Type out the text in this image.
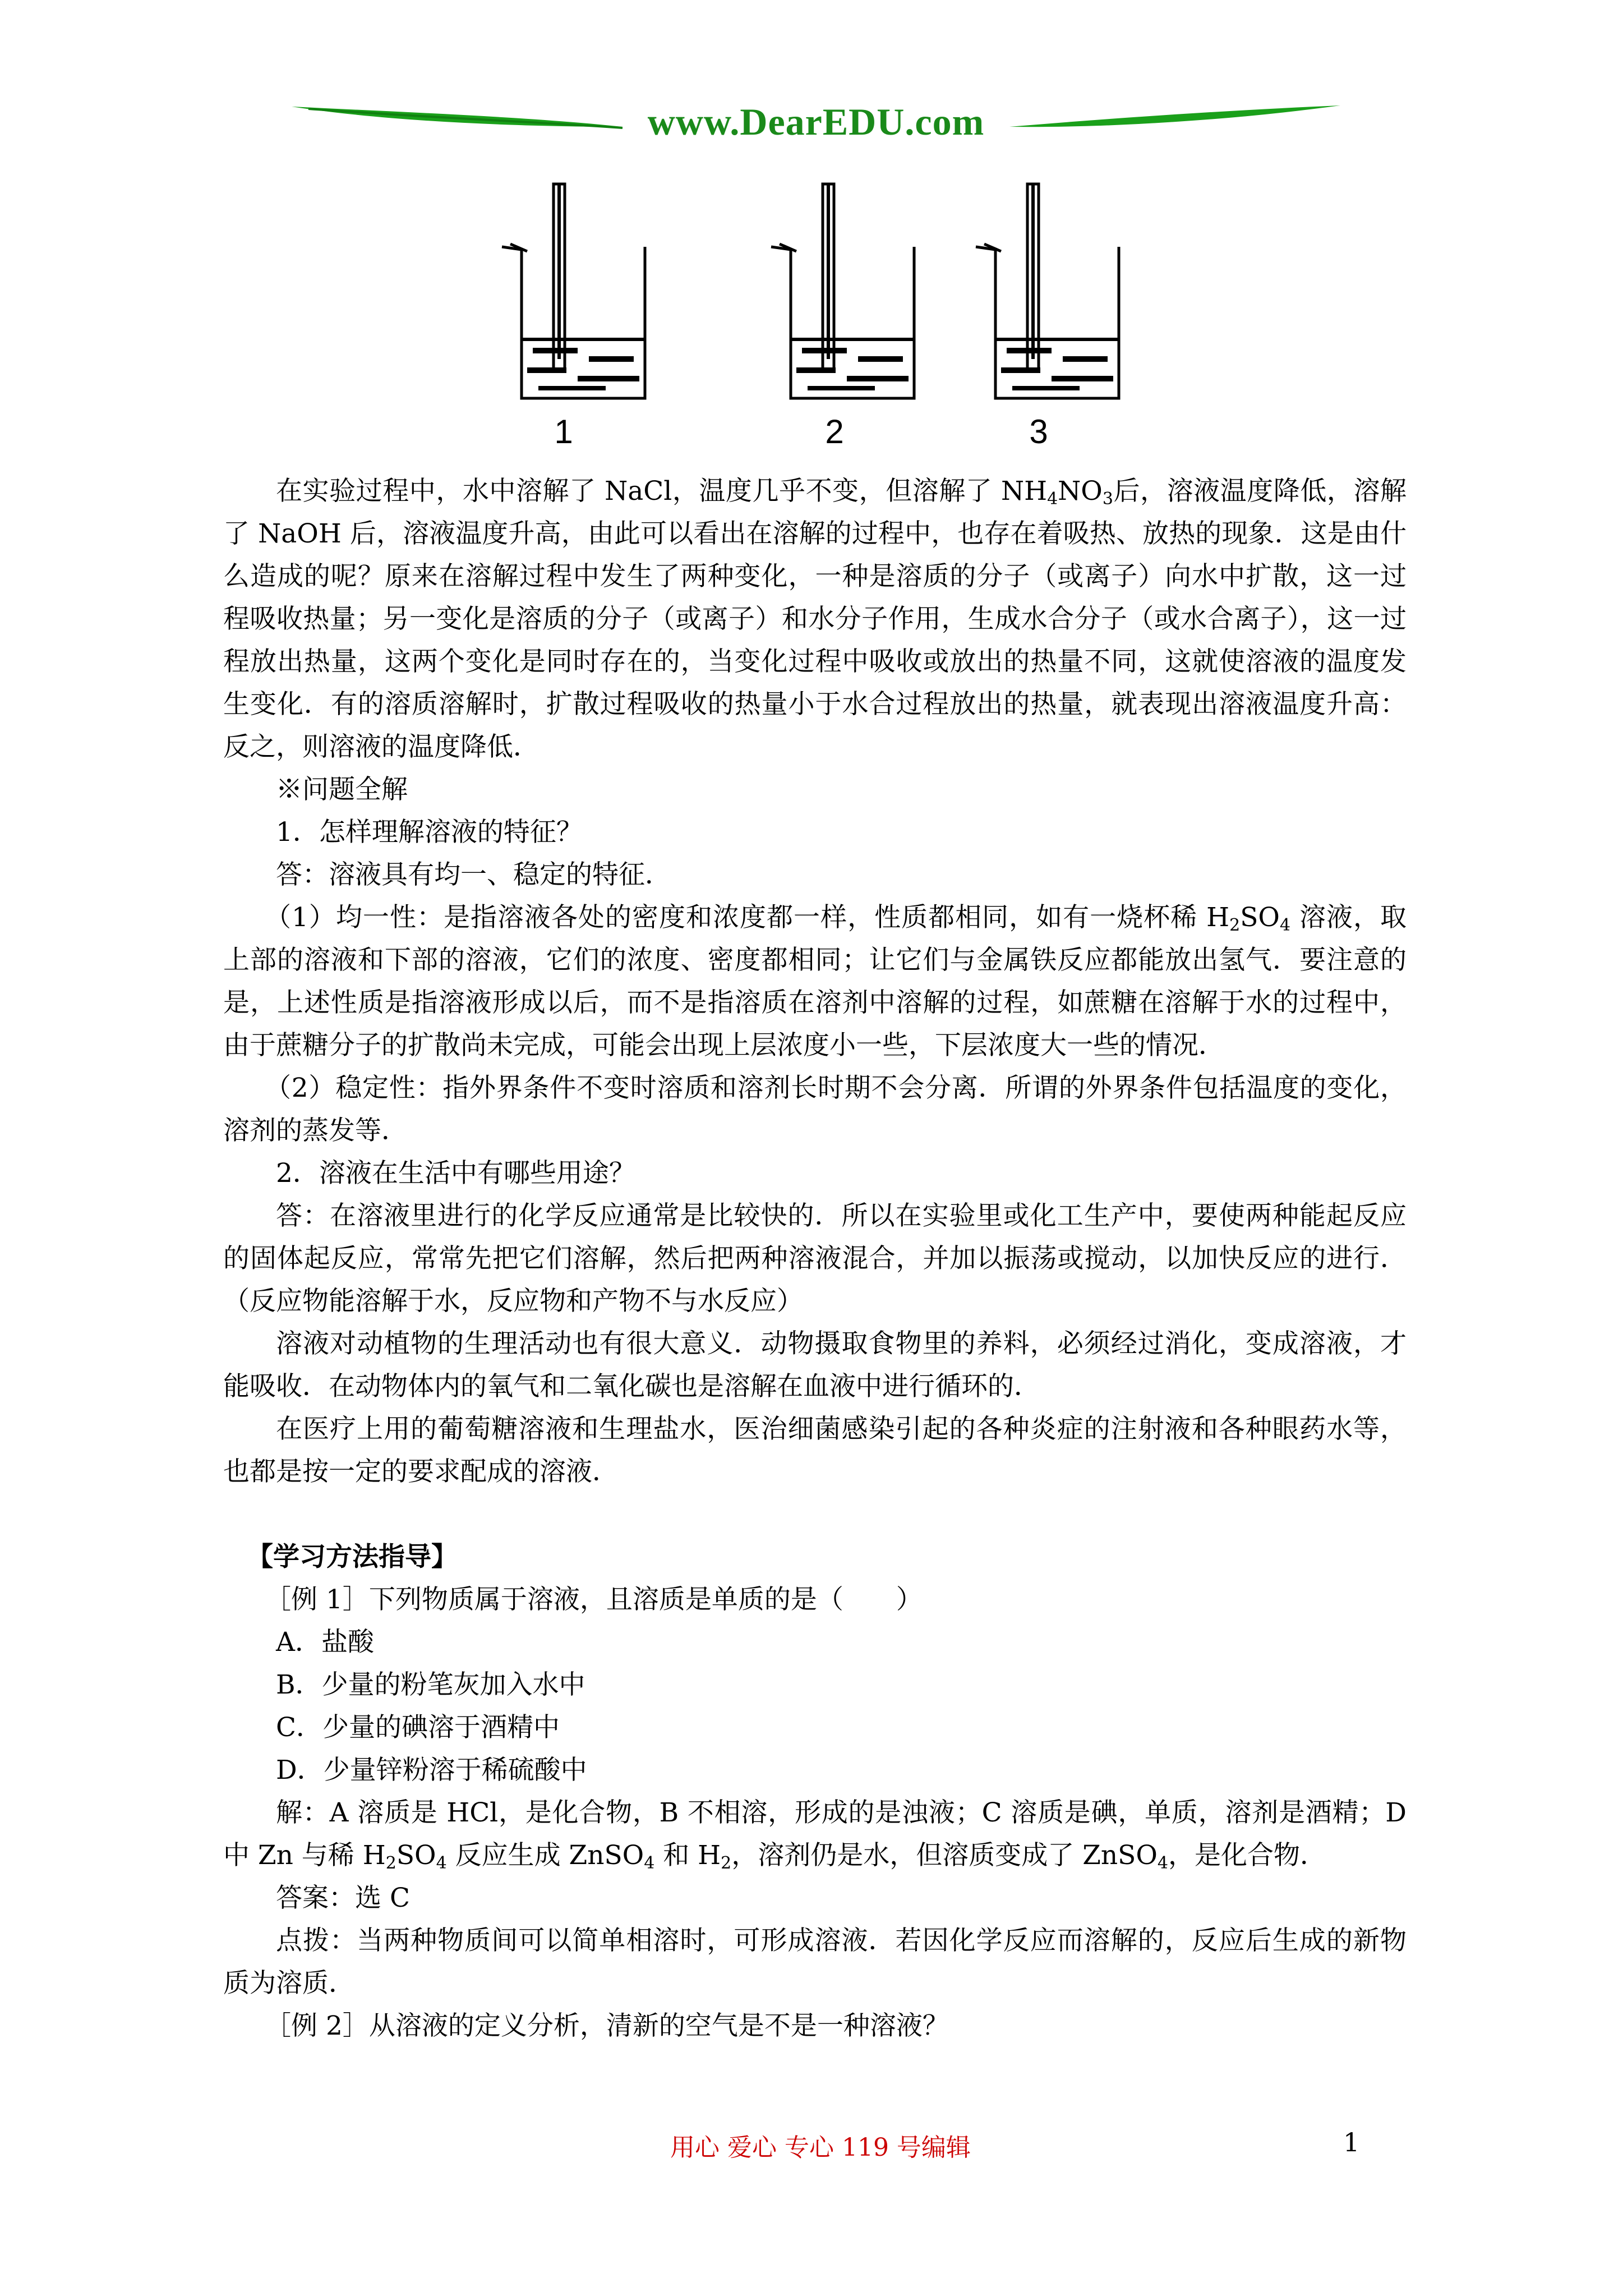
www.DearEDU.com
1	2	3

在实验过程中，水中溶解了 NaCl，温度几乎不变，但溶解了 $NH_4NO_3$后，溶液温度降低，溶解了 NaOH 后，溶液温度升高，由此可以看出在溶解的过程中，也存在着吸热、放热的现象．这是由什么造成的呢？原来在溶解过程中发生了两种变化，一种是溶质的分子（或离子）向水中扩散，这一过程吸收热量；另一变化是溶质的分子（或离子）和水分子作用，生成水合分子（或水合离子），这一过程放出热量，这两个变化是同时存在的，当变化过程中吸收或放出的热量不同，这就使溶液的温度发生变化．有的溶质溶解时，扩散过程吸收的热量小于水合过程放出的热量，就表现出溶液温度升高：反之，则溶液的温度降低．

※问题全解

1．怎样理解溶液的特征？

答：溶液具有均一、稳定的特征．

（1）均一性：是指溶液各处的密度和浓度都一样，性质都相同，如有一烧杯稀 $H_2SO_4$ 溶液，取上部的溶液和下部的溶液，它们的浓度、密度都相同；让它们与金属铁反应都能放出氢气．要注意的是，上述性质是指溶液形成以后，而不是指溶质在溶剂中溶解的过程，如蔗糖在溶解于水的过程中，由于蔗糖分子的扩散尚未完成，可能会出现上层浓度小一些，下层浓度大一些的情况．

（2）稳定性：指外界条件不变时溶质和溶剂长时期不会分离．所谓的外界条件包括温度的变化，溶剂的蒸发等．

2．溶液在生活中有哪些用途？

答：在溶液里进行的化学反应通常是比较快的．所以在实验里或化工生产中，要使两种能起反应的固体起反应，常常先把它们溶解，然后把两种溶液混合，并加以振荡或搅动，以加快反应的进行．（反应物能溶解于水，反应物和产物不与水反应）

溶液对动植物的生理活动也有很大意义．动物摄取食物里的养料，必须经过消化，变成溶液，才能吸收．在动物体内的氧气和二氧化碳也是溶解在血液中进行循环的．

在医疗上用的葡萄糖溶液和生理盐水，医治细菌感染引起的各种炎症的注射液和各种眼药水等，也都是按一定的要求配成的溶液．

【学习方法指导】

［例 1］下列物质属于溶液，且溶质是单质的是（　　）

A．盐酸

B．少量的粉笔灰加入水中

C．少量的碘溶于酒精中

D．少量锌粉溶于稀硫酸中

解：A 溶质是 HCl，是化合物，B 不相溶，形成的是浊液；C 溶质是碘，单质，溶剂是酒精；D 中 Zn 与稀 $H_2SO_4$ 反应生成 ZnSO$_4$ 和 $H_2$，溶剂仍是水，但溶质变成了 ZnSO$_4$，是化合物．

答案：选 C

点拨：当两种物质间可以简单相溶时，可形成溶液．若因化学反应而溶解的，反应后生成的新物质为溶质．

［例 2］从溶液的定义分析，清新的空气是不是一种溶液？

用心 爱心 专心 119 号编辑	1
